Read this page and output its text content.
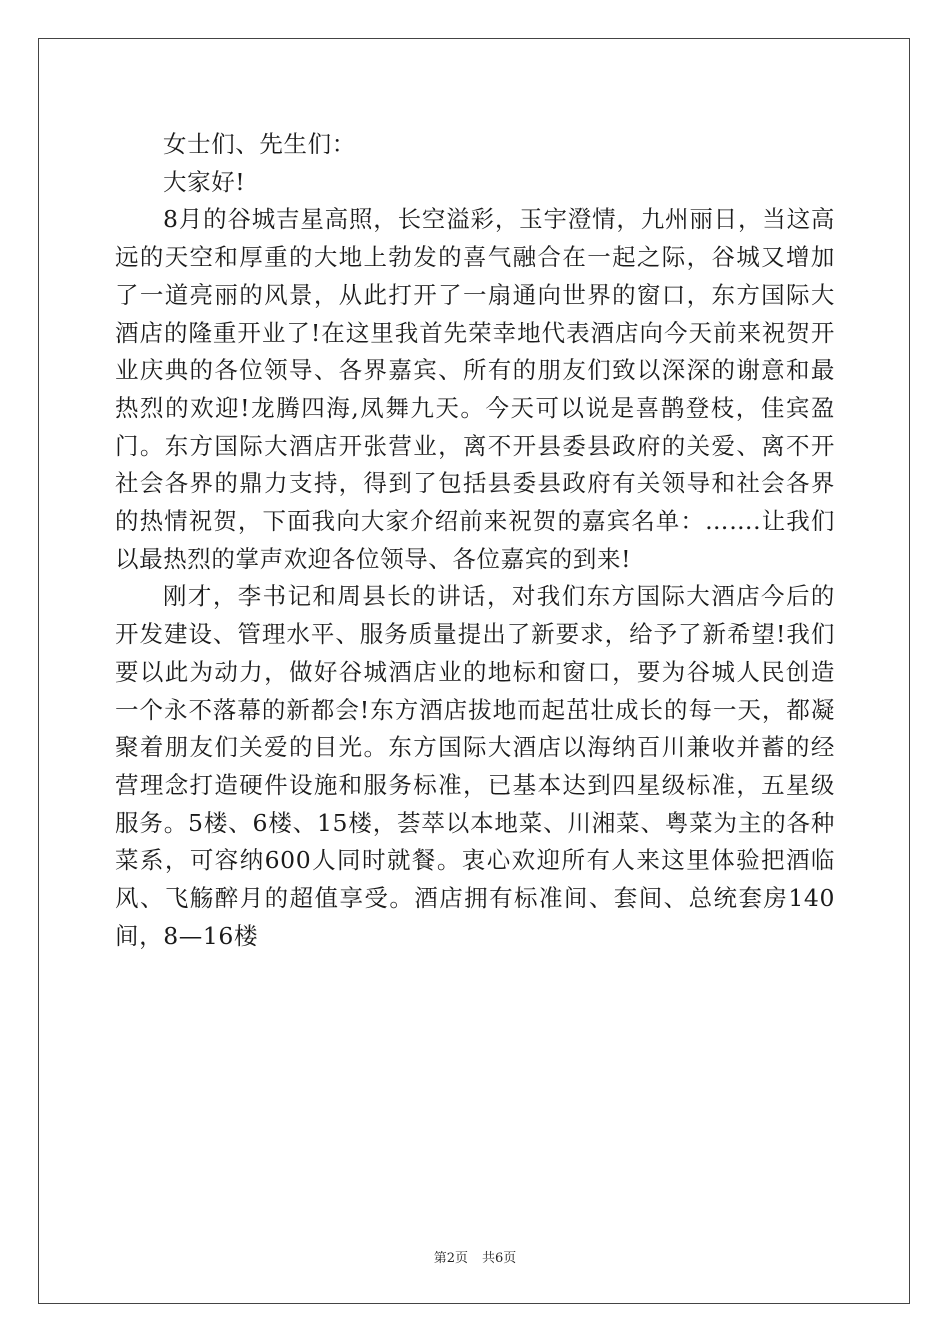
女士们、先生们：

大家好!

8月的谷城吉星高照，长空溢彩，玉宇澄情，九州丽日，当这高远的天空和厚重的大地上勃发的喜气融合在一起之际，谷城又增加了一道亮丽的风景，从此打开了一扇通向世界的窗口，东方国际大酒店的隆重开业了!在这里我首先荣幸地代表酒店向今天前来祝贺开业庆典的各位领导、各界嘉宾、所有的朋友们致以深深的谢意和最热烈的欢迎!龙腾四海,凤舞九天。今天可以说是喜鹊登枝，佳宾盈门。东方国际大酒店开张营业，离不开县委县政府的关爱、离不开社会各界的鼎力支持，得到了包括县委县政府有关领导和社会各界的热情祝贺，下面我向大家介绍前来祝贺的嘉宾名单：…….让我们以最热烈的掌声欢迎各位领导、各位嘉宾的到来!

刚才，李书记和周县长的讲话，对我们东方国际大酒店今后的开发建设、管理水平、服务质量提出了新要求，给予了新希望!我们要以此为动力，做好谷城酒店业的地标和窗口，要为谷城人民创造一个永不落幕的新都会!东方酒店拔地而起茁壮成长的每一天，都凝聚着朋友们关爱的目光。东方国际大酒店以海纳百川兼收并蓄的经营理念打造硬件设施和服务标准，已基本达到四星级标准，五星级服务。5楼、6楼、15楼，荟萃以本地菜、川湘菜、粤菜为主的各种菜系，可容纳600人同时就餐。衷心欢迎所有人来这里体验把酒临风、飞觞醉月的超值享受。酒店拥有标准间、套间、总统套房140间，8—16楼

第2页 共6页
